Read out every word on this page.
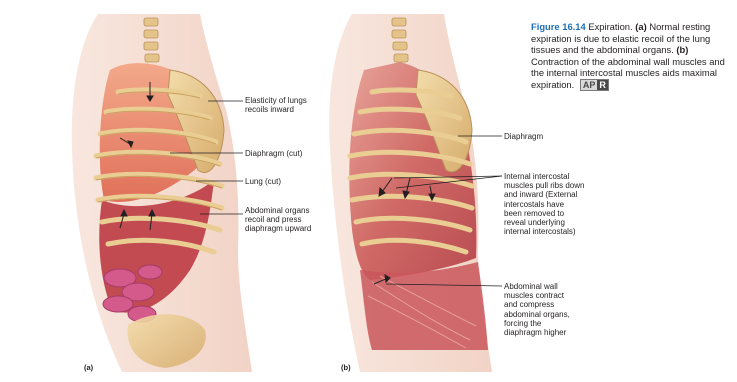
Elasticity of lungs
recoils inward
Diaphragm (cut)
Lung (cut)
Abdominal organs
recoil and press
diaphragm upward
(a)
Diaphragm
Internal intercostal
muscles pull ribs down
and inward (External
intercostals have
been removed to
reveal underlying
internal intercostals)
Abdominal wall
muscles contract
and compress
abdominal organs,
forcing the
diaphragm higher
(b)

Figure 16.14 Expiration. (a) Normal resting expiration is due to elastic recoil of the lung tissues and the abdominal organs. (b) Contraction of the abdominal wall muscles and the internal intercostal muscles aids maximal expiration. AP R
